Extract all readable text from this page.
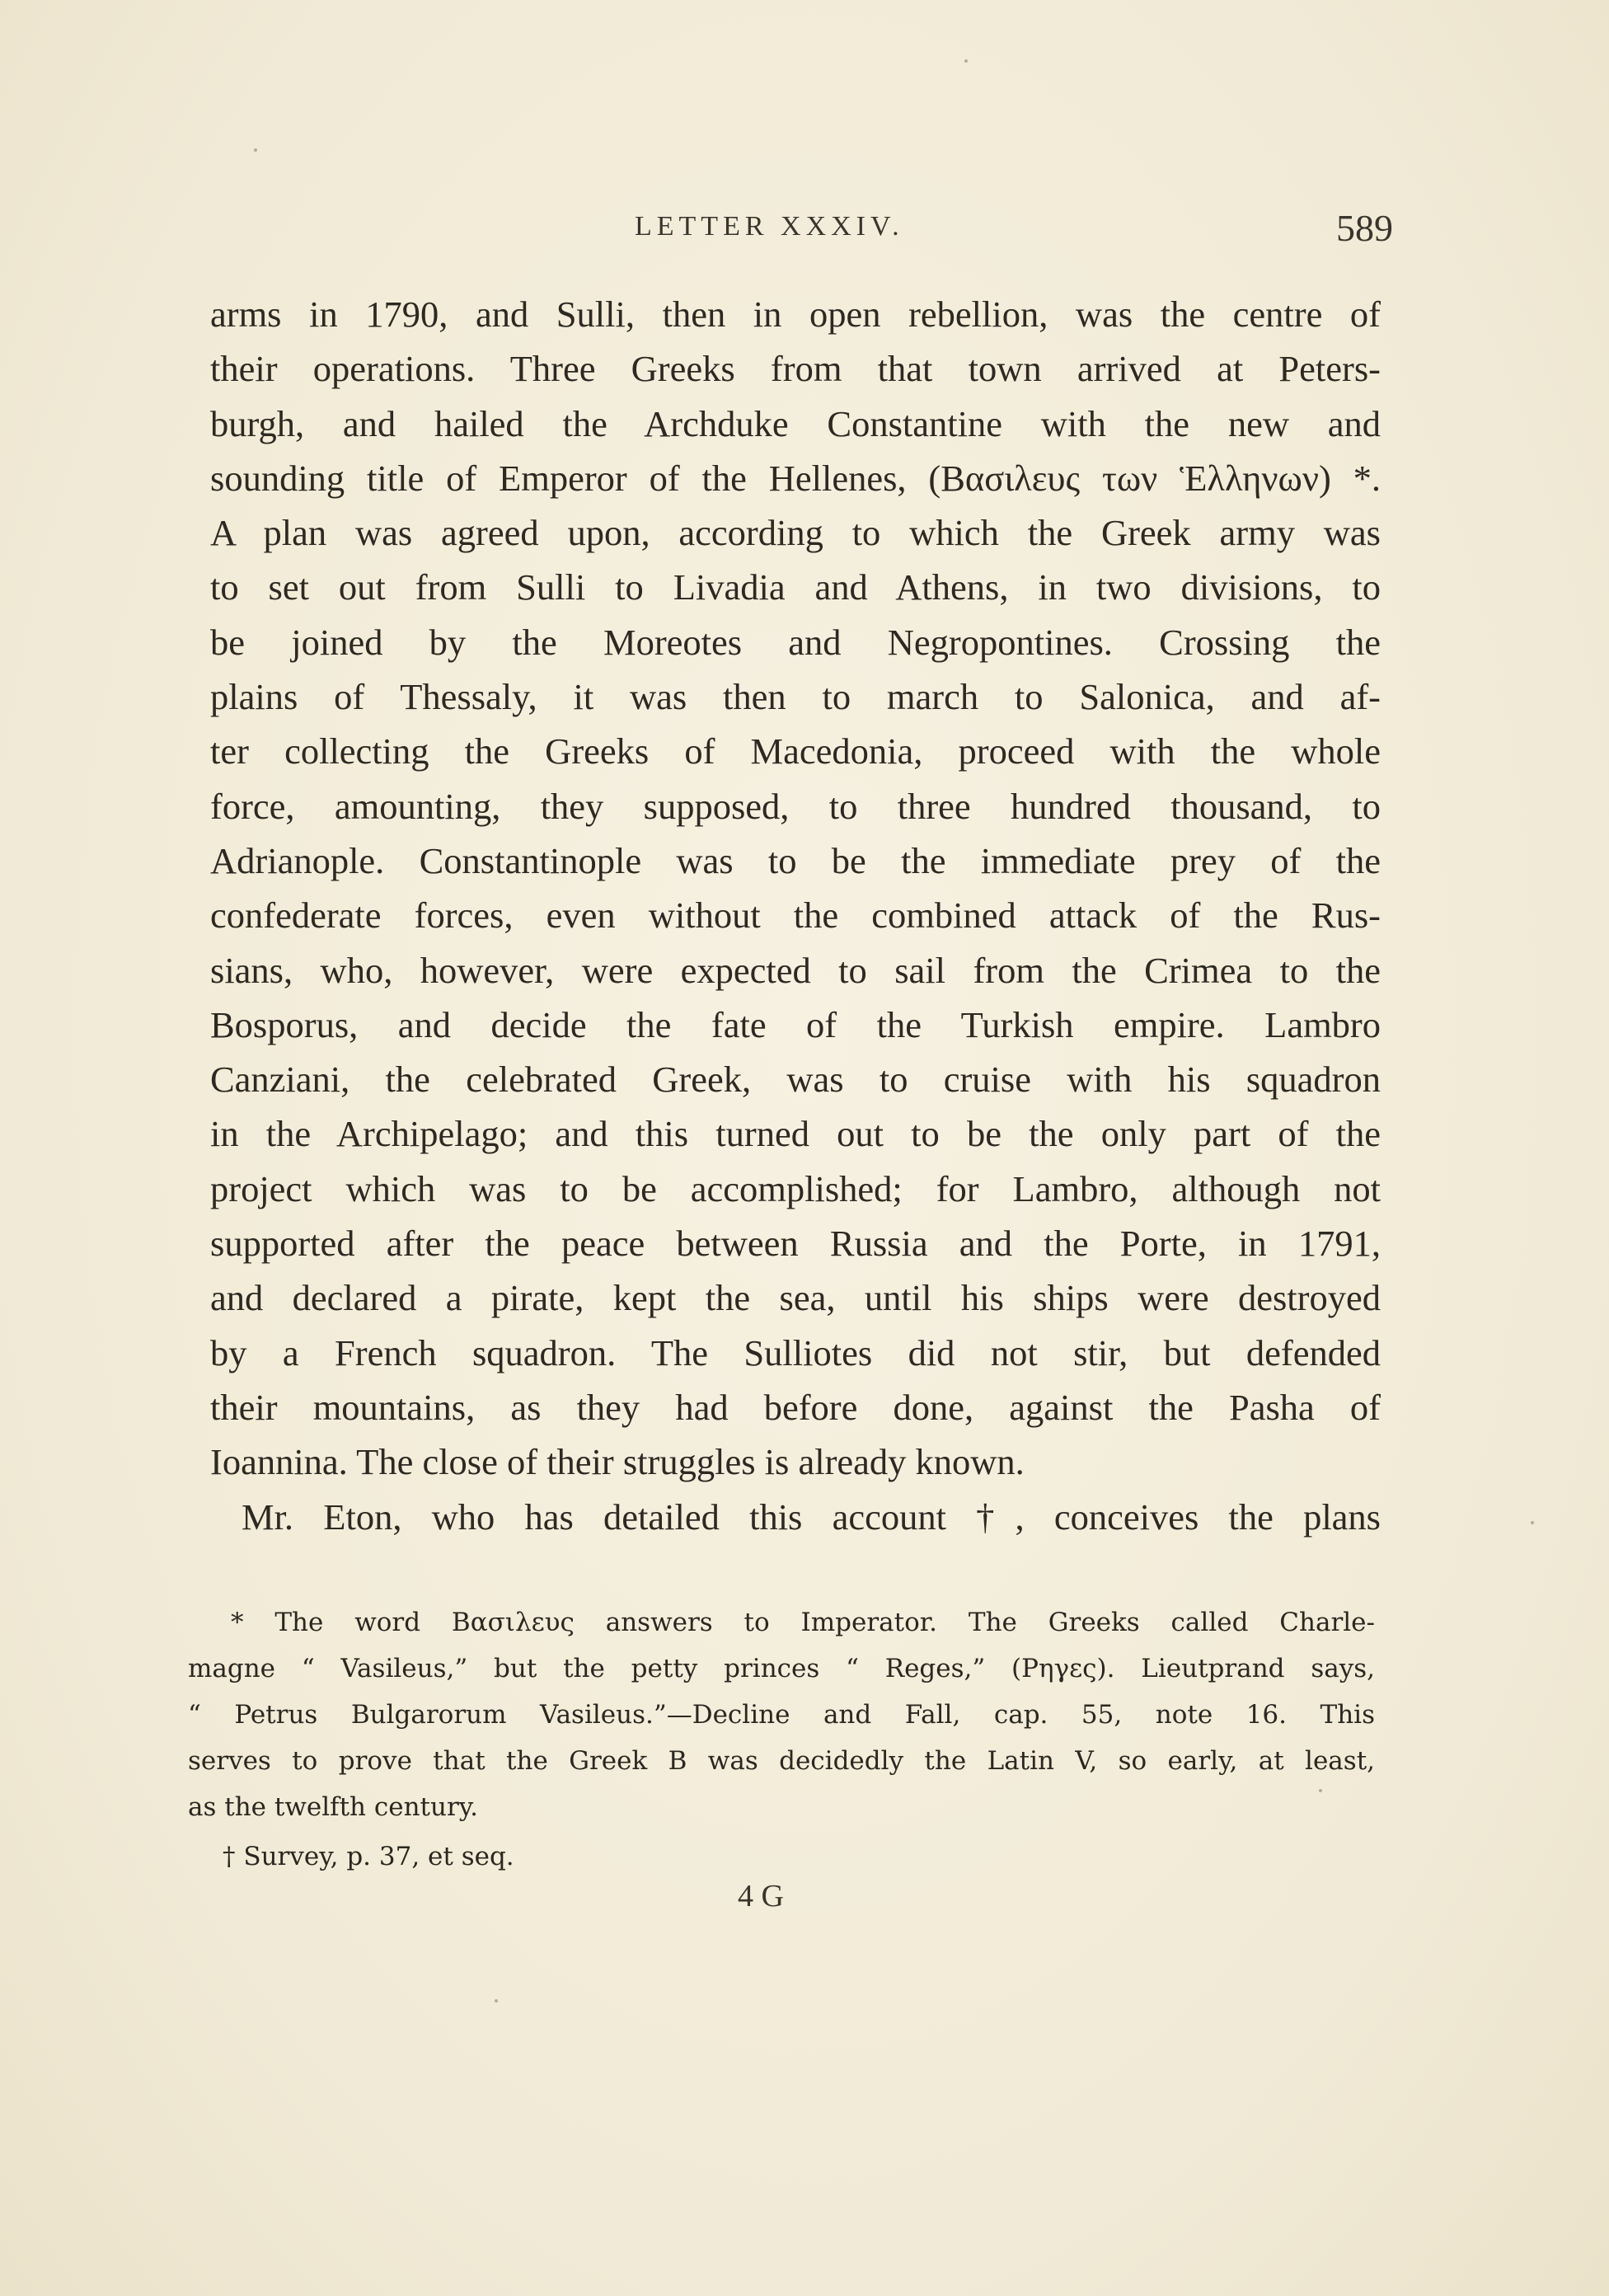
LETTER XXXIV.	589
arms in 1790, and Sulli, then in open rebellion, was the centre of
their operations. Three Greeks from that town arrived at Peters-
burgh, and hailed the Archduke Constantine with the new and
sounding title of Emperor of the Hellenes, (Βασιλευς των Ἑλληνων) *.
A plan was agreed upon, according to which the Greek army was
to set out from Sulli to Livadia and Athens, in two divisions, to
be joined by the Moreotes and Negropontines. Crossing the
plains of Thessaly, it was then to march to Salonica, and af-
ter collecting the Greeks of Macedonia, proceed with the whole
force, amounting, they supposed, to three hundred thousand, to
Adrianople. Constantinople was to be the immediate prey of the
confederate forces, even without the combined attack of the Rus-
sians, who, however, were expected to sail from the Crimea to the
Bosporus, and decide the fate of the Turkish empire. Lambro
Canziani, the celebrated Greek, was to cruise with his squadron
in the Archipelago; and this turned out to be the only part of the
project which was to be accomplished; for Lambro, although not
supported after the peace between Russia and the Porte, in 1791,
and declared a pirate, kept the sea, until his ships were destroyed
by a French squadron. The Sulliotes did not stir, but defended
their mountains, as they had before done, against the Pasha of
Ioannina. The close of their struggles is already known.
Mr. Eton, who has detailed this account †, conceives the plans
* The word Βασιλευς answers to Imperator. The Greeks called Charle-
magne “ Vasileus,” but the petty princes “ Reges,” (Ρηγες). Lieutprand says,
“ Petrus Bulgarorum Vasileus.”—Decline and Fall, cap. 55, note 16. This
serves to prove that the Greek Β was decidedly the Latin V, so early, at least,
as the twelfth century.
† Survey, p. 37, et seq.
4 G
